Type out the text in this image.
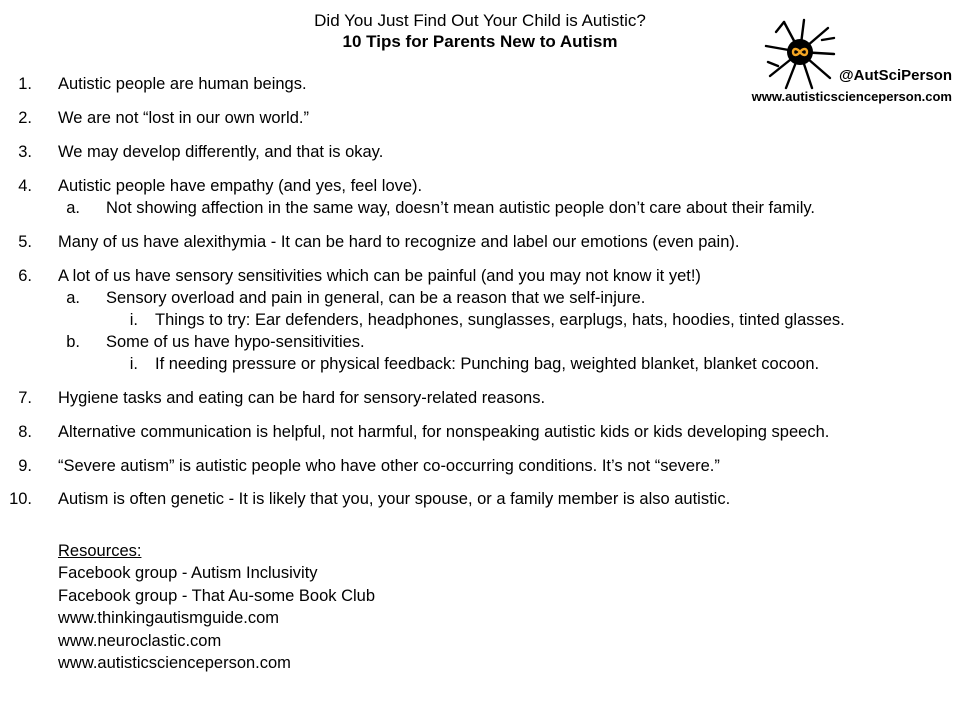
Did You Just Find Out Your Child is Autistic?
10 Tips for Parents New to Autism
@AutSciPerson
www.autisticscienceperson.com
1. Autistic people are human beings.
2. We are not “lost in our own world.”
3. We may develop differently, and that is okay.
4. Autistic people have empathy (and yes, feel love).
a. Not showing affection in the same way, doesn’t mean autistic people don’t care about their family.
5. Many of us have alexithymia - It can be hard to recognize and label our emotions (even pain).
6. A lot of us have sensory sensitivities which can be painful (and you may not know it yet!)
a. Sensory overload and pain in general, can be a reason that we self-injure.
i. Things to try: Ear defenders, headphones, sunglasses, earplugs, hats, hoodies, tinted glasses.
b. Some of us have hypo-sensitivities.
i. If needing pressure or physical feedback: Punching bag, weighted blanket, blanket cocoon.
7. Hygiene tasks and eating can be hard for sensory-related reasons.
8. Alternative communication is helpful, not harmful, for nonspeaking autistic kids or kids developing speech.
9. “Severe autism” is autistic people who have other co-occurring conditions. It’s not “severe.”
10. Autism is often genetic - It is likely that you, your spouse, or a family member is also autistic.
Resources:
Facebook group - Autism Inclusivity
Facebook group - That Au-some Book Club
www.thinkingautismguide.com
www.neuroclastic.com
www.autisticscienceperson.com
